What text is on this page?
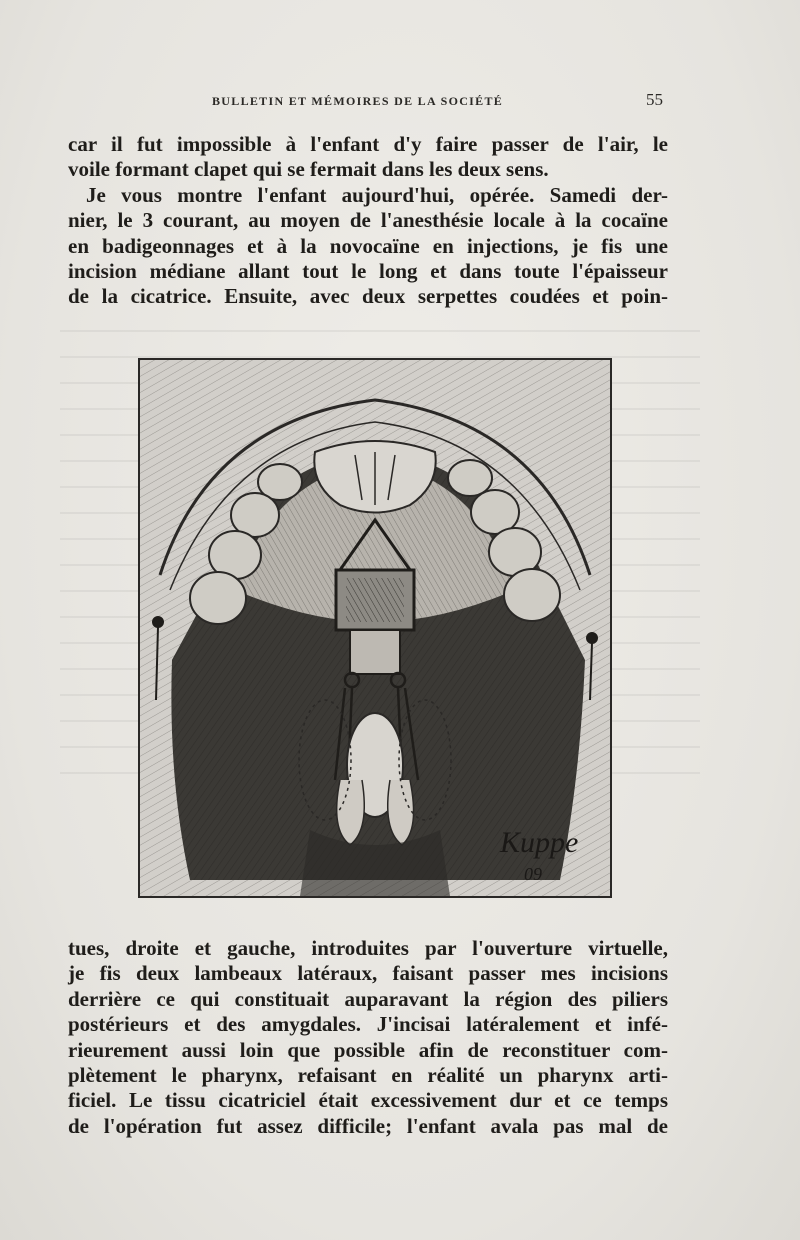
BULLETIN ET MÉMOIRES DE LA SOCIÉTÉ	55
car il fut impossible à l'enfant d'y faire passer de l'air, le
voile formant clapet qui se fermait dans les deux sens.
Je vous montre l'enfant aujourd'hui, opérée. Samedi der-
nier, le 3 courant, au moyen de l'anesthésie locale à la cocaïne
en badigeonnages et à la novocaïne en injections, je fis une
incision médiane allant tout le long et dans toute l'épaisseur
de la cicatrice. Ensuite, avec deux serpettes coudées et poin-
Kuppe
09
tues, droite et gauche, introduites par l'ouverture virtuelle,
je fis deux lambeaux latéraux, faisant passer mes incisions
derrière ce qui constituait auparavant la région des piliers
postérieurs et des amygdales. J'incisai latéralement et infé-
rieurement aussi loin que possible afin de reconstituer com-
plètement le pharynx, refaisant en réalité un pharynx arti-
ficiel. Le tissu cicatriciel était excessivement dur et ce temps
de l'opération fut assez difficile; l'enfant avala pas mal de
